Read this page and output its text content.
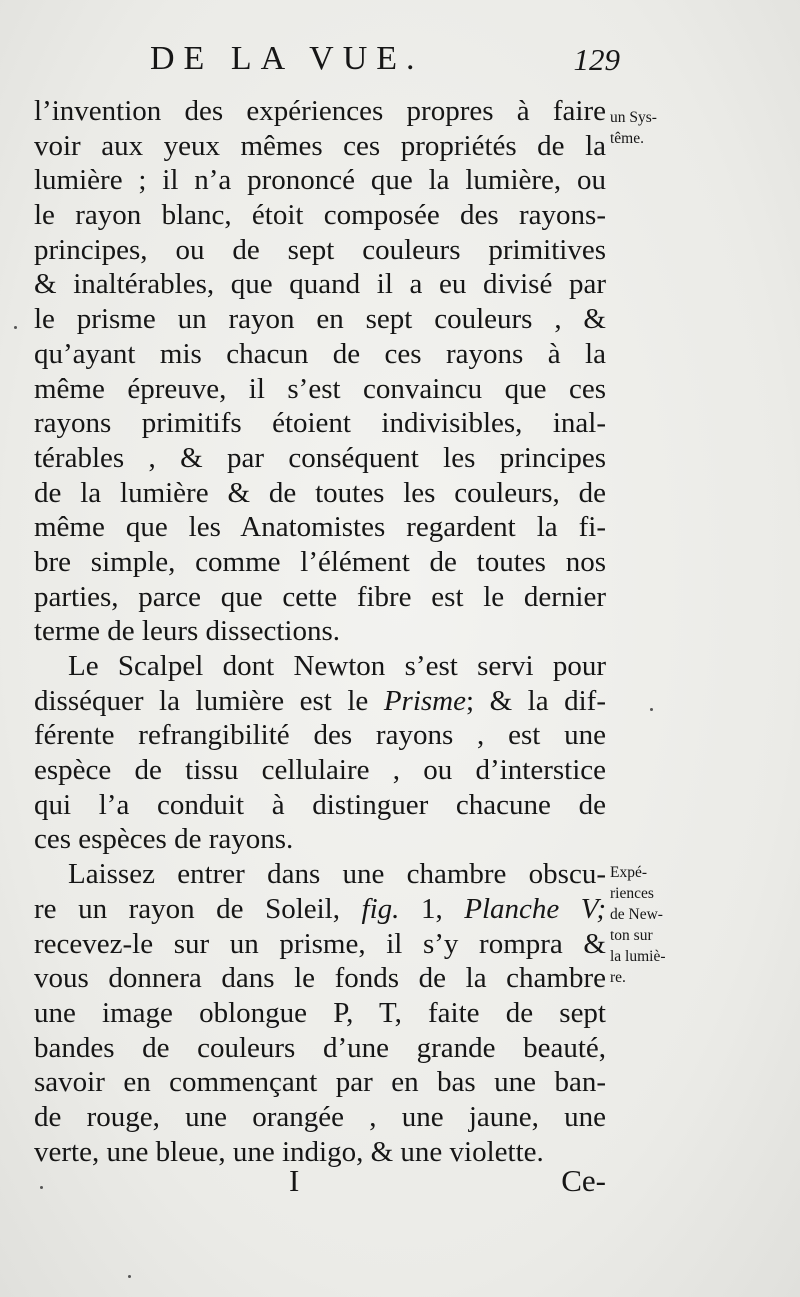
DE LA VUE.	129
l’invention des expériences propres à faire
voir aux yeux mêmes ces propriétés de la
lumière ; il n’a prononcé que la lumière, ou
le rayon blanc, étoit composée des rayons-
principes, ou de sept couleurs primitives
& inaltérables, que quand il a eu divisé par
le prisme un rayon en sept couleurs , &
qu’ayant mis chacun de ces rayons à la
même épreuve, il s’est convaincu que ces
rayons primitifs étoient indivisibles, inal-
térables , & par conséquent les principes
de la lumière & de toutes les couleurs, de
même que les Anatomistes regardent la fi-
bre simple, comme l’élément de toutes nos
parties, parce que cette fibre est le dernier
terme de leurs dissections.
Le Scalpel dont Newton s’est servi pour
disséquer la lumière est le Prisme; & la dif-
férente refrangibilité des rayons , est une
espèce de tissu cellulaire , ou d’interstice
qui l’a conduit à distinguer chacune de
ces espèces de rayons.
Laissez entrer dans une chambre obscu-
re un rayon de Soleil, fig. 1, Planche V;
recevez-le sur un prisme, il s’y rompra &
vous donnera dans le fonds de la chambre
une image oblongue P, T, faite de sept
bandes de couleurs d’une grande beauté,
savoir en commençant par en bas une ban-
de rouge, une orangée , une jaune, une
verte, une bleue, une indigo, & une violette.
un Sys-
tême.
Expé-
riences
de New-
ton sur
la lumiè-
re.
I	Ce-
